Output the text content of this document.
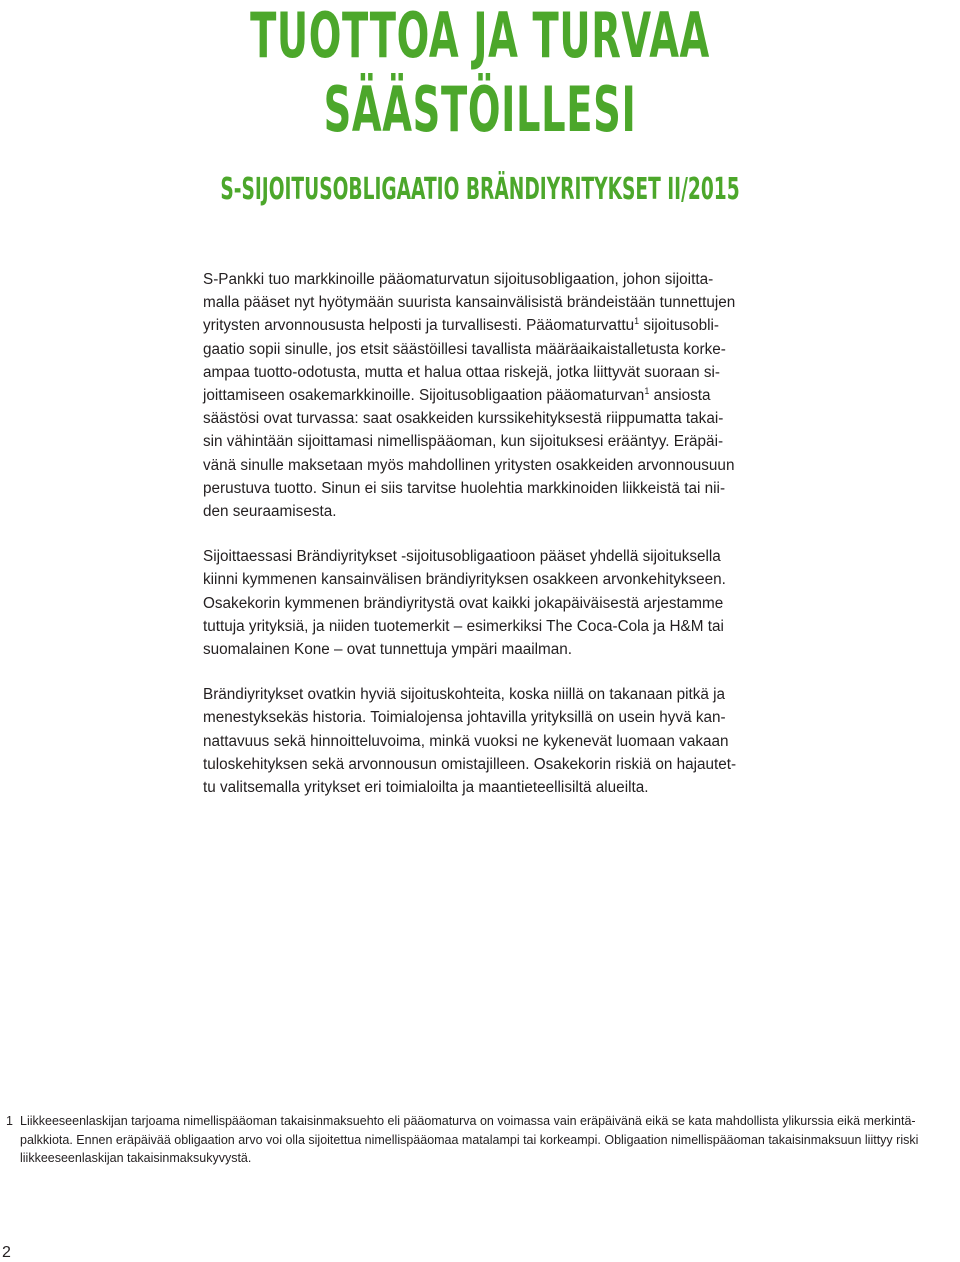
TUOTTOA JA TURVAA
SÄÄSTÖILLESI
S-SIJOITUSOBLIGAATIO BRÄNDIYRITYKSET II/2015

S-Pankki tuo markkinoille pääomaturvatun sijoitusobligaation, johon sijoitta-
malla pääset nyt hyötymään suurista kansainvälisistä brändeistään tunnettujen
yritysten arvonnoususta helposti ja turvallisesti. Pääomaturvattu$^1$ sijoitusobli-
gaatio sopii sinulle, jos etsit säästöillesi tavallista määräaikaistalletusta korke-
ampaa tuotto-odotusta, mutta et halua ottaa riskejä, jotka liittyvät suoraan si-
joittamiseen osakemarkkinoille. Sijoitusobligaation pääomaturvan$^1$ ansiosta
säästösi ovat turvassa: saat osakkeiden kurssikehityksestä riippumatta takai-
sin vähintään sijoittamasi nimellispääoman, kun sijoituksesi erääntyy. Eräpäi-
vänä sinulle maksetaan myös mahdollinen yritysten osakkeiden arvonnousuun
perustuva tuotto. Sinun ei siis tarvitse huolehtia markkinoiden liikkeistä tai nii-
den seuraamisesta.

Sijoittaessasi Brändiyritykset -sijoitusobligaatioon pääset yhdellä sijoituksella
kiinni kymmenen kansainvälisen brändiyrityksen osakkeen arvonkehitykseen.
Osakekorin kymmenen brändiyritystä ovat kaikki jokapäiväisestä arjestamme
tuttuja yrityksiä, ja niiden tuotemerkit – esimerkiksi The Coca-Cola ja H&M tai
suomalainen Kone – ovat tunnettuja ympäri maailman.

Brändiyritykset ovatkin hyviä sijoituskohteita, koska niillä on takanaan pitkä ja
menestyksekäs historia. Toimialojensa johtavilla yrityksillä on usein hyvä kan-
nattavuus sekä hinnoitteluvoima, minkä vuoksi ne kykenevät luomaan vakaan
tuloskehityksen sekä arvonnousun omistajilleen. Osakekorin riskiä on hajautet-
tu valitsemalla yritykset eri toimialoilta ja maantieteellisiltä alueilta.

1 Liikkeeseenlaskijan tarjoama nimellispääoman takaisinmaksuehto eli pääomaturva on voimassa vain eräpäivänä eikä se kata mahdollista ylikurssia eikä merkintä-
palkkiota. Ennen eräpäivää obligaation arvo voi olla sijoitettua nimellispääomaa matalampi tai korkeampi. Obligaation nimellispääoman takaisinmaksuun liittyy riski
liikkeeseenlaskijan takaisinmaksukyvystä.
2
